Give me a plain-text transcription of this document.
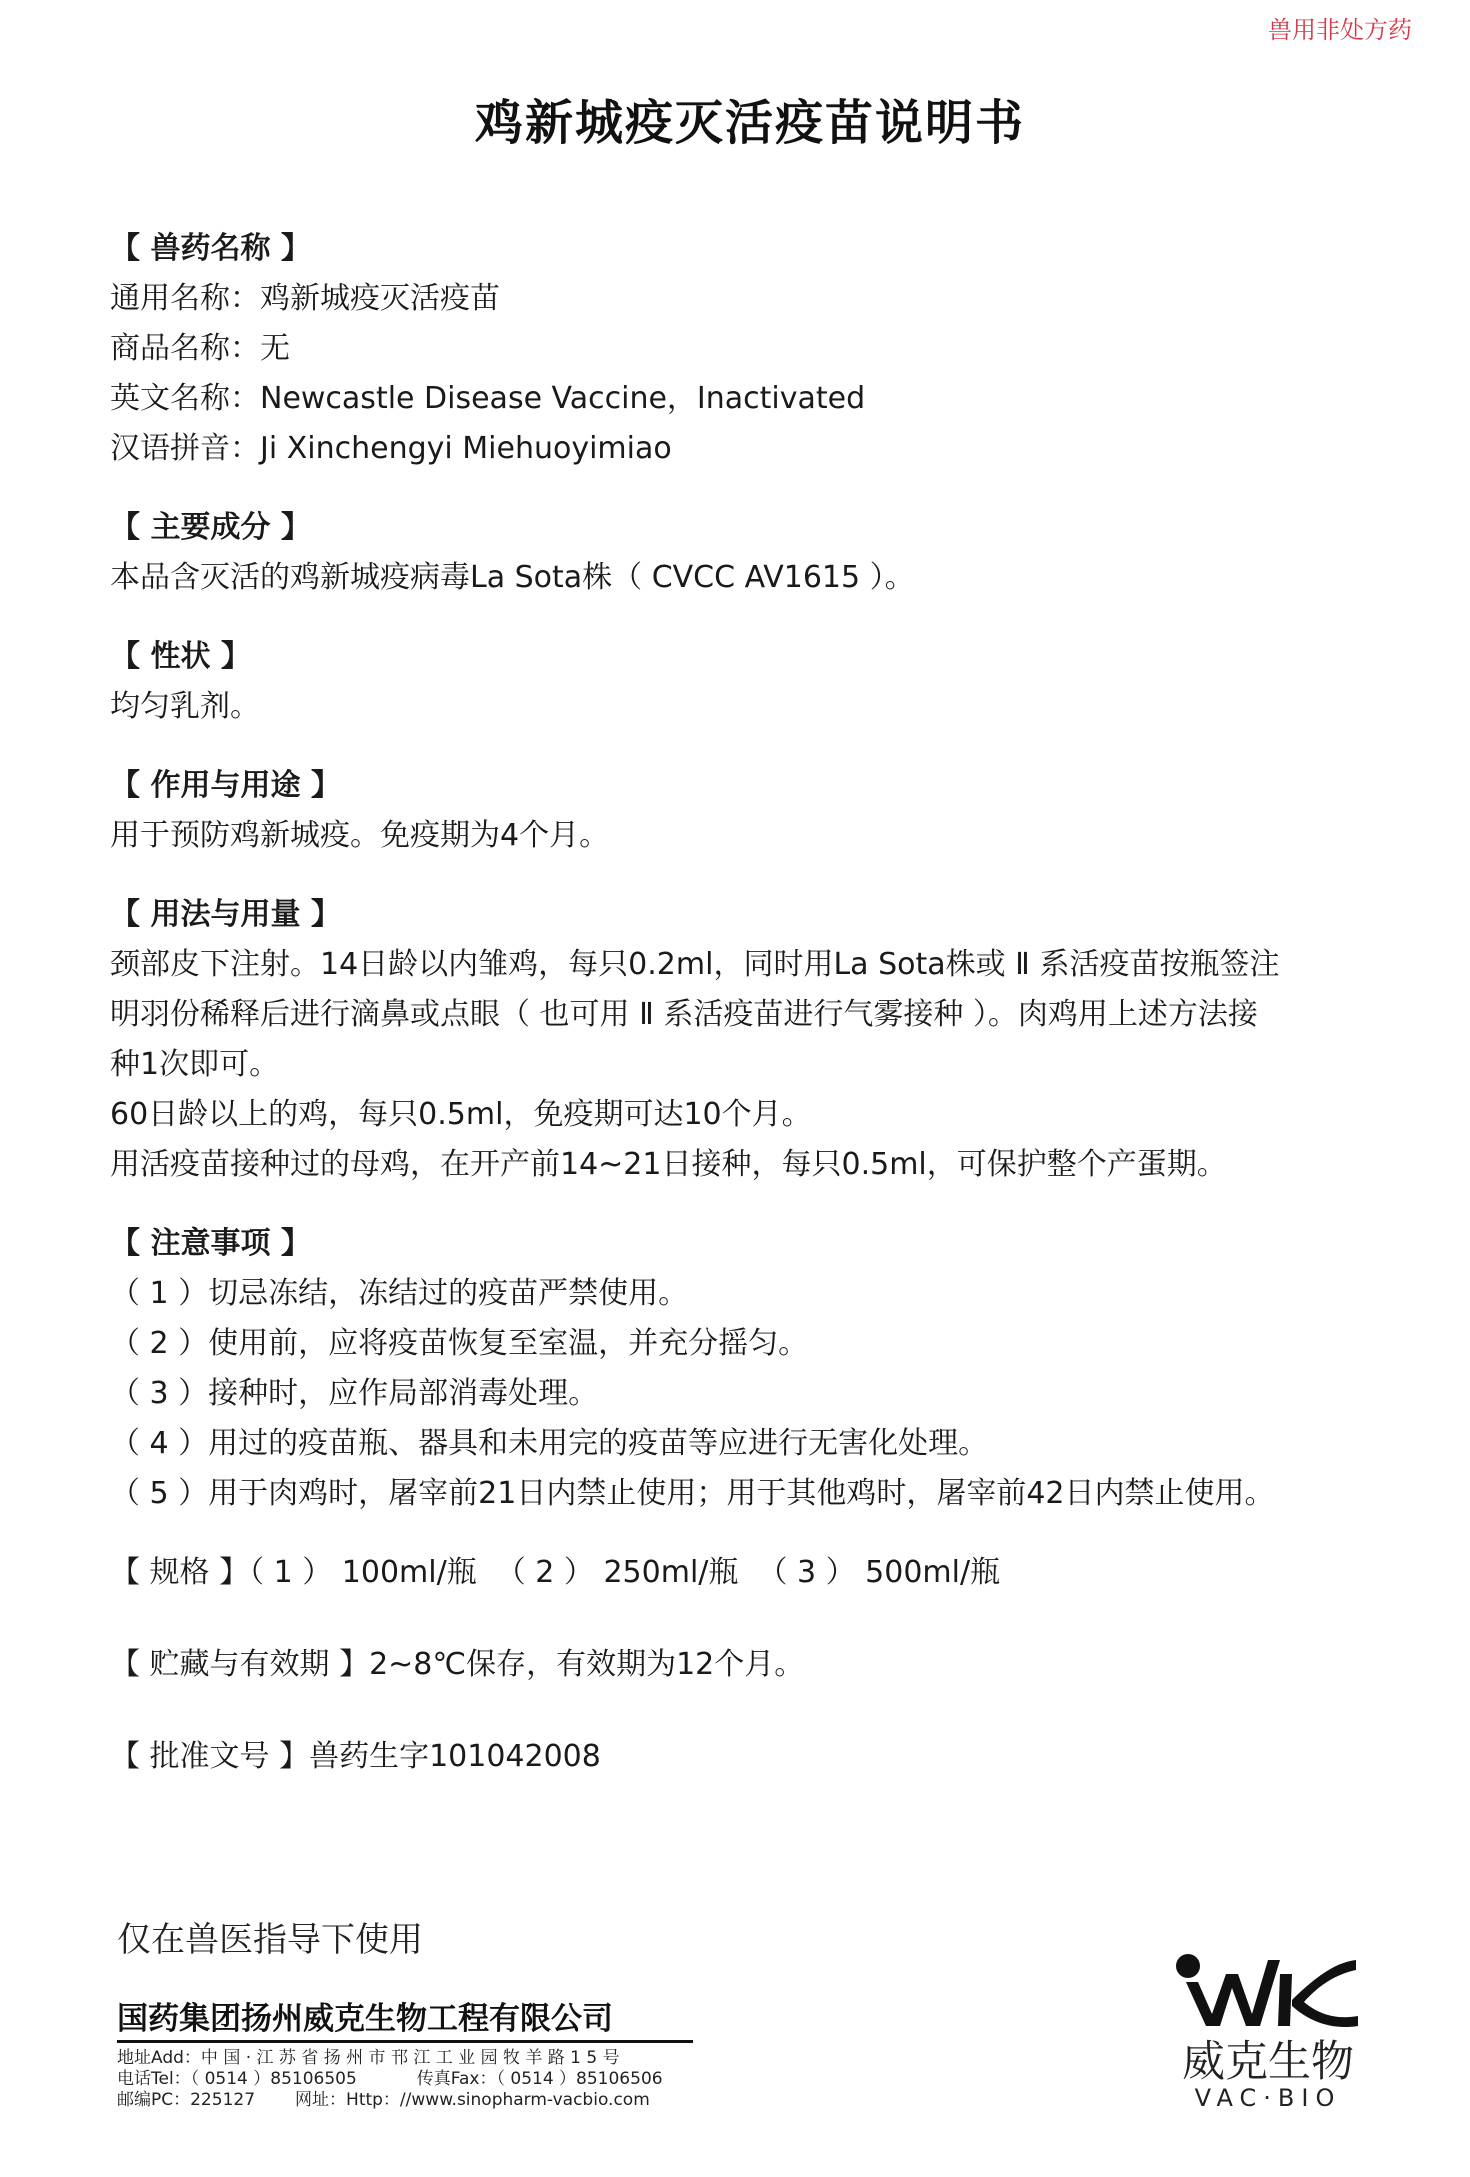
兽用非处方药
鸡新城疫灭活疫苗说明书
【 兽药名称 】
通用名称：鸡新城疫灭活疫苗
商品名称：无
英文名称：Newcastle Disease Vaccine，Inactivated
汉语拼音：Ji Xinchengyi Miehuoyimiao
【 主要成分 】
本品含灭活的鸡新城疫病毒La Sota株（ CVCC AV1615 ）。
【 性状 】
均匀乳剂。
【 作用与用途 】
用于预防鸡新城疫。免疫期为4个月。
【 用法与用量 】
颈部皮下注射。14日龄以内雏鸡，每只0.2ml，同时用La Sota株或 Ⅱ 系活疫苗按瓶签注
明羽份稀释后进行滴鼻或点眼（ 也可用 Ⅱ 系活疫苗进行气雾接种 ）。肉鸡用上述方法接
种1次即可。
60日龄以上的鸡，每只0.5ml，免疫期可达10个月。
用活疫苗接种过的母鸡，在开产前14~21日接种，每只0.5ml，可保护整个产蛋期。
【 注意事项 】
（ 1 ）切忌冻结，冻结过的疫苗严禁使用。
（ 2 ）使用前，应将疫苗恢复至室温，并充分摇匀。
（ 3 ）接种时，应作局部消毒处理。
（ 4 ）用过的疫苗瓶、器具和未用完的疫苗等应进行无害化处理。
（ 5 ）用于肉鸡时，屠宰前21日内禁止使用；用于其他鸡时，屠宰前42日内禁止使用。
【 规格 】（ 1 ） 100ml/瓶  （ 2 ） 250ml/瓶  （ 3 ） 500ml/瓶
【 贮藏与有效期 】2~8℃保存，有效期为12个月。
【 批准文号 】兽药生字101042008
仅在兽医指导下使用
国药集团扬州威克生物工程有限公司
地址Add：中 国 · 江 苏 省 扬 州 市 邗 江 工 业 园 牧 羊 路 1 5 号
电话Tel：（ 0514 ）85106505	传真Fax：（ 0514 ）85106506
邮编PC：225127 网址：Http：//www.sinopharm-vacbio.com
威克生物
VAC·BIO
